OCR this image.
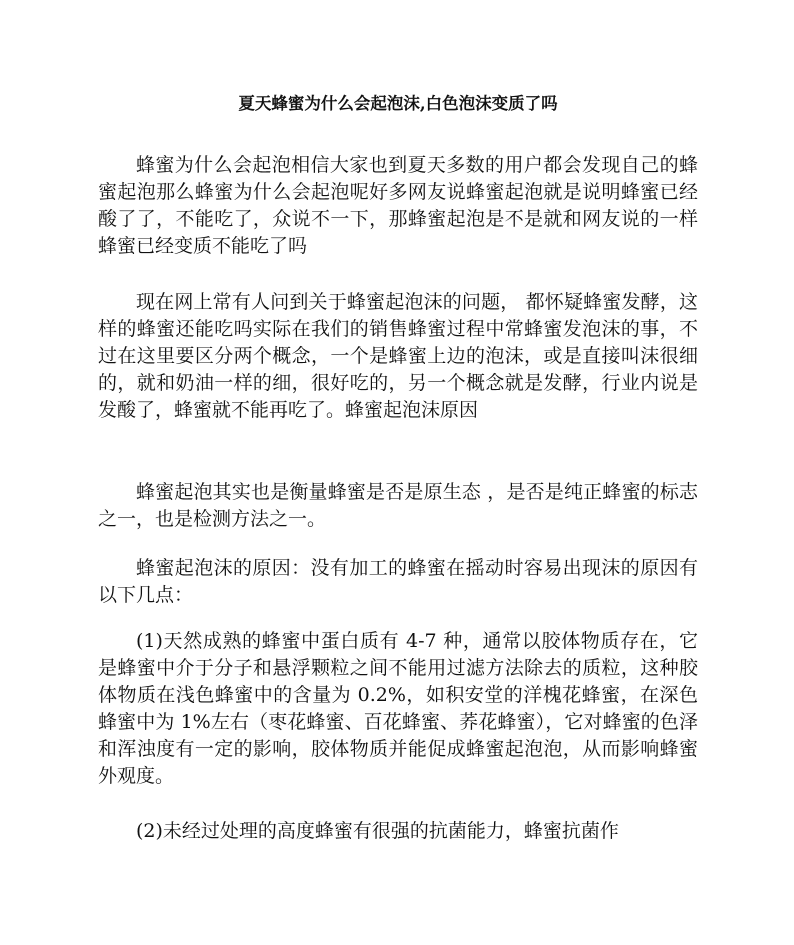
夏天蜂蜜为什么会起泡沫,白色泡沫变质了吗

蜂蜜为什么会起泡相信大家也到夏天多数的用户都会发现自己的蜂蜜起泡那么蜂蜜为什么会起泡呢好多网友说蜂蜜起泡就是说明蜂蜜已经酸了了，不能吃了，众说不一下，那蜂蜜起泡是不是就和网友说的一样蜂蜜已经变质不能吃了吗

现在网上常有人问到关于蜂蜜起泡沫的问题， 都怀疑蜂蜜发酵，这样的蜂蜜还能吃吗实际在我们的销售蜂蜜过程中常蜂蜜发泡沫的事，不过在这里要区分两个概念，一个是蜂蜜上边的泡沫，或是直接叫沫很细的，就和奶油一样的细，很好吃的，另一个概念就是发酵，行业内说是发酸了，蜂蜜就不能再吃了。蜂蜜起泡沫原因

蜂蜜起泡其实也是衡量蜂蜜是否是原生态 ，是否是纯正蜂蜜的标志之一，也是检测方法之一。

蜂蜜起泡沫的原因：没有加工的蜂蜜在摇动时容易出现沫的原因有以下几点：

(1)天然成熟的蜂蜜中蛋白质有 4-7 种，通常以胶体物质存在，它是蜂蜜中介于分子和悬浮颗粒之间不能用过滤方法除去的质粒，这种胶体物质在浅色蜂蜜中的含量为 0.2%，如积安堂的洋槐花蜂蜜，在深色蜂蜜中为 1%左右（枣花蜂蜜、百花蜂蜜、荞花蜂蜜），它对蜂蜜的色泽和浑浊度有一定的影响，胶体物质并能促成蜂蜜起泡泡，从而影响蜂蜜外观度。

(2)未经过处理的高度蜂蜜有很强的抗菌能力，蜂蜜抗菌作
